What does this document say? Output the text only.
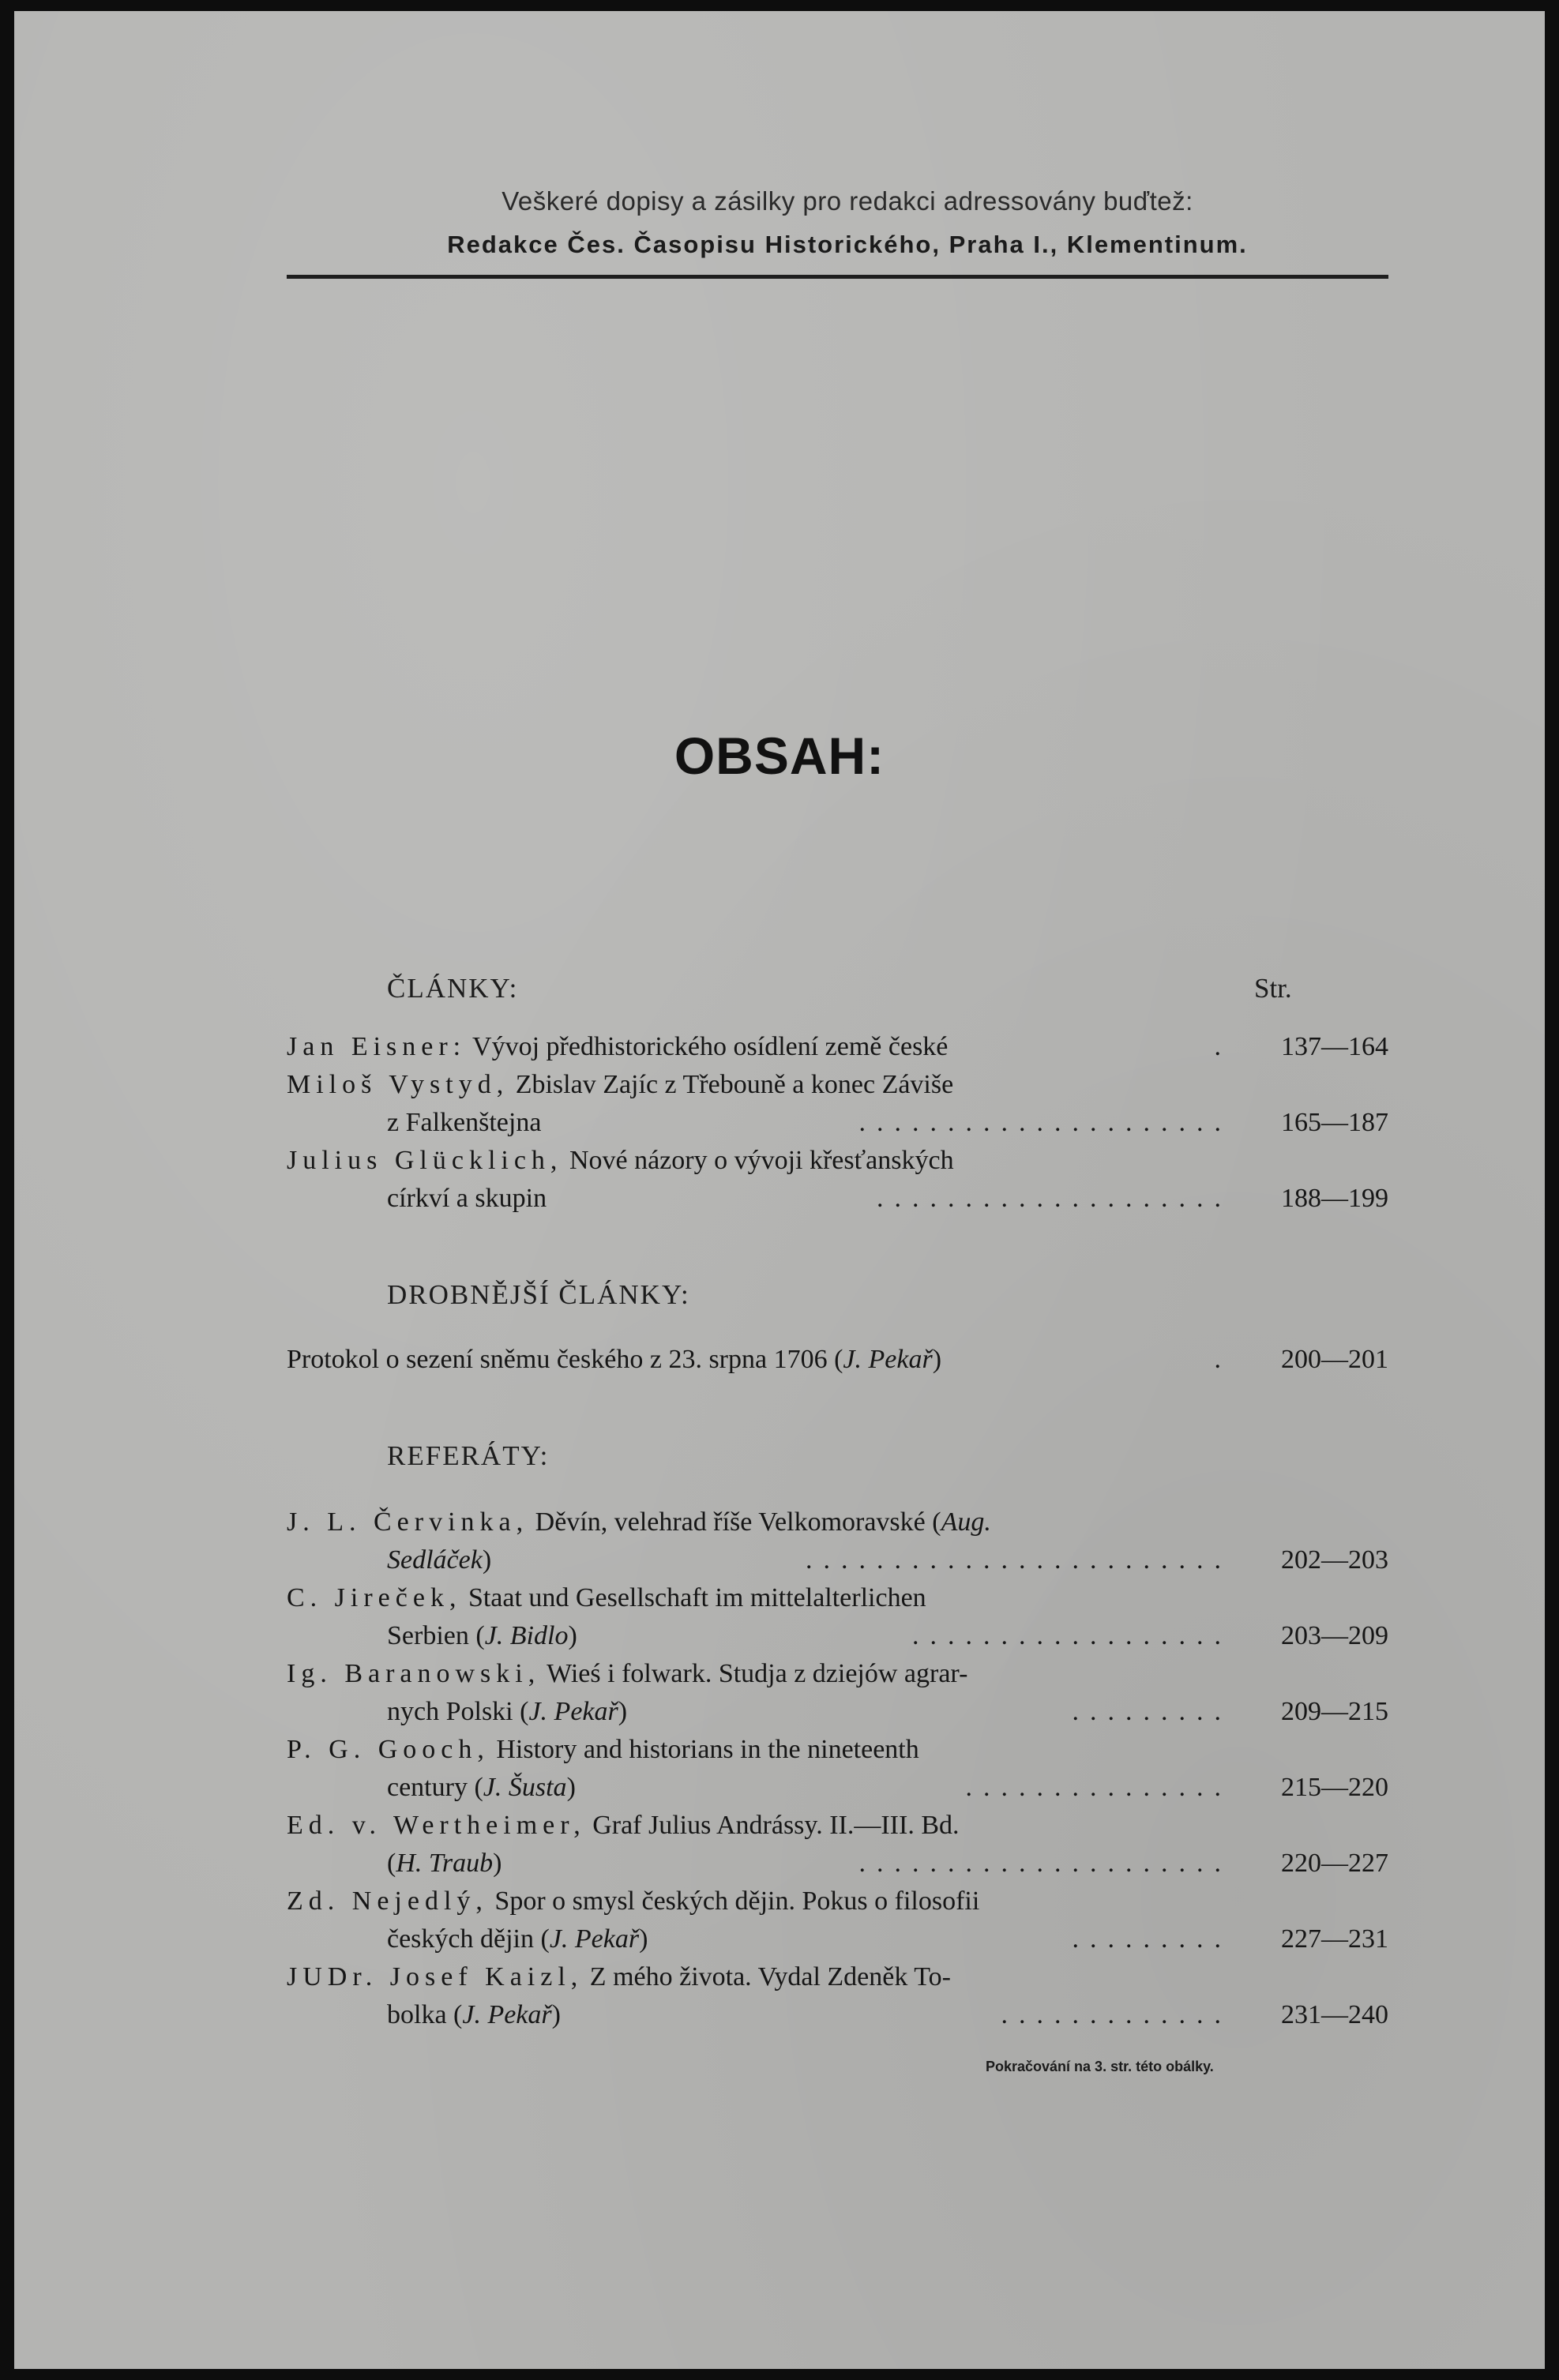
Veškeré dopisy a zásilky pro redakci adressovány buďtež:
Redakce Čes. Časopisu Historického, Praha I., Klementinum.
OBSAH:
ČLÁNKY:	Str.
Jan Eisner: Vývoj předhistorického osídlení země české	.	137—164
Miloš Vystyd, Zbislav Zajíc z Třebouně a konec Záviše
z Falkenštejna	.....................	165—187
Julius Glücklich, Nové názory o vývoji křesťanských
církví a skupin	....................	188—199
DROBNĚJŠÍ ČLÁNKY:
Protokol o sezení sněmu českého z 23. srpna 1706 (J. Pekař)	.	200—201
REFERÁTY:
J. L. Červinka, Děvín, velehrad říše Velkomoravské (Aug.
Sedláček)	........................	202—203
C. Jireček, Staat und Gesellschaft im mittelalterlichen
Serbien (J. Bidlo)	..................	203—209
Ig. Baranowski, Wieś i folwark. Studja z dziejów agrar-
nych Polski (J. Pekař)	.........	209—215
P. G. Gooch, History and historians in the nineteenth
century (J. Šusta)	...............	215—220
Ed. v. Wertheimer, Graf Julius Andrássy. II.—III. Bd.
(H. Traub)	.....................	220—227
Zd. Nejedlý, Spor o smysl českých dějin. Pokus o filosofii
českých dějin (J. Pekař)	.........	227—231
JUDr. Josef Kaizl, Z mého života. Vydal Zdeněk To-
bolka (J. Pekař)	.............	231—240
Pokračování na 3. str. této obálky.
